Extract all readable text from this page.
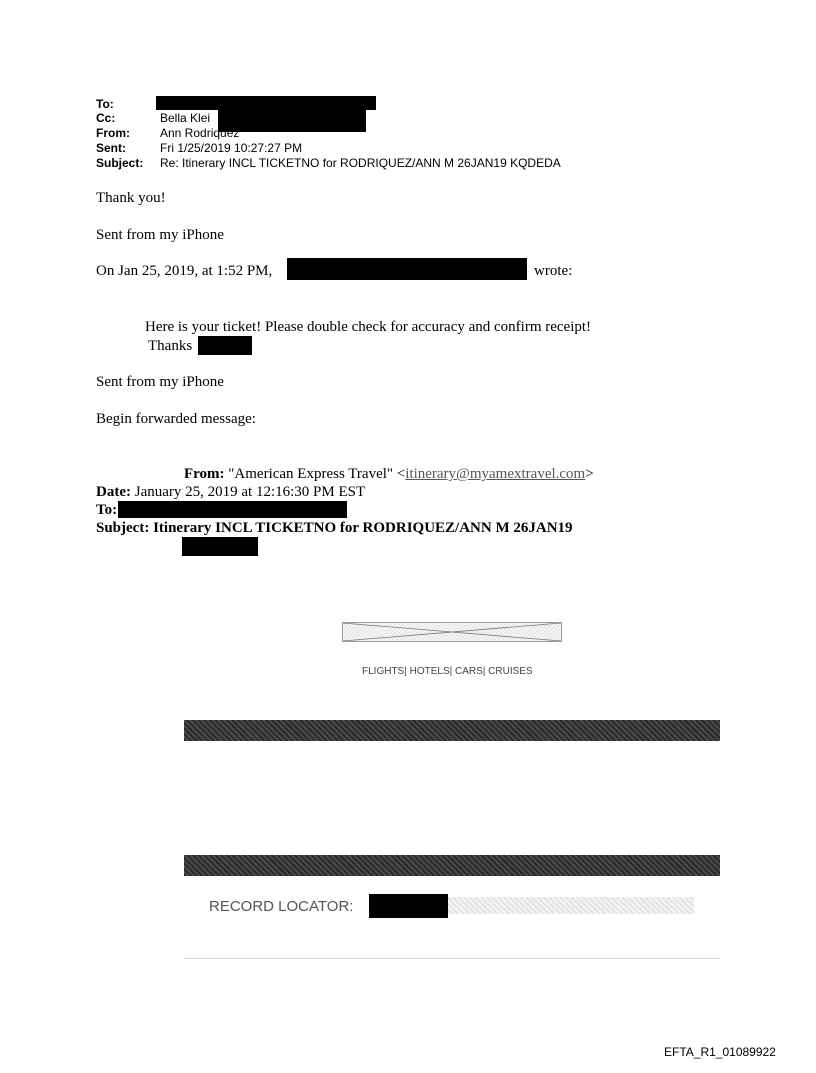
To:
Cc:	Bella Klei
From:	Ann Rodriquez
Sent:	Fri 1/25/2019 10:27:27 PM
Subject: Re: Itinerary INCL TICKETNO for RODRIQUEZ/ANN M 26JAN19 KQDEDA
Thank you!
Sent from my iPhone
On Jan 25, 2019, at 1:52 PM,	wrote:
Here is your ticket! Please double check for accuracy and confirm receipt!
Thanks
Sent from my iPhone
Begin forwarded message:
From: "American Express Travel" <itinerary@myamextravel.com>
Date: January 25, 2019 at 12:16:30 PM EST
To:
Subject: Itinerary INCL TICKETNO for RODRIQUEZ/ANN M 26JAN19
FLIGHTS| HOTELS| CARS| CRUISES
RECORD LOCATOR:
EFTA_R1_01089922
